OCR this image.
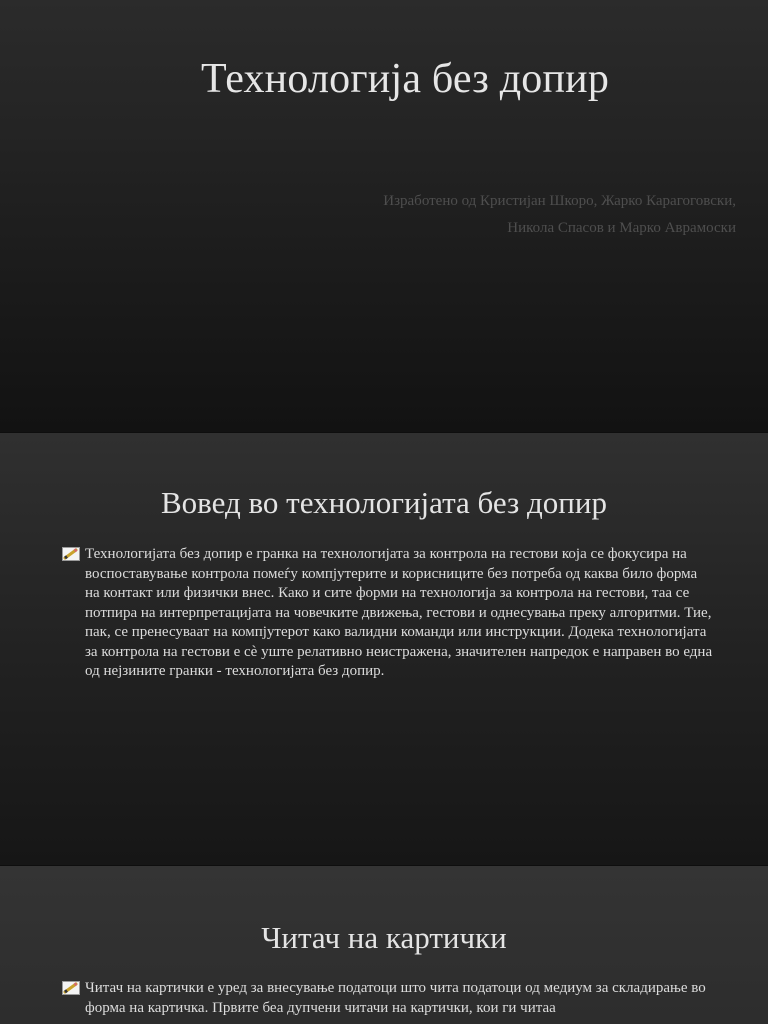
Технологија без допир
Изработено од Кристијан Шкоро, Жарко Карагоговски,
Никола Спасов и Марко Аврамоски
Вовед во технологијата без допир
Технологијата без допир е гранка на технологијата за контрола на гестови која се фокусира на воспоставување контрола помеѓу компјутерите и корисниците без потреба од каква било форма на контакт или физички внес. Како и сите форми на технологија за контрола на гестови, таа се потпира на интерпретацијата на човечките движења, гестови и однесувања преку алгоритми. Тие, пак, се пренесуваат на компјутерот како валидни команди или инструкции. Додека технологијата за контрола на гестови е сè уште релативно неистражена, значителен напредок е направен во една од нејзините гранки - технологијата без допир.
Читач на картички
Читач на картички е уред за внесување податоци што чита податоци од медиум за складирање во форма на картичка. Првите беа дупчени читачи на картички, кои ги читаа
